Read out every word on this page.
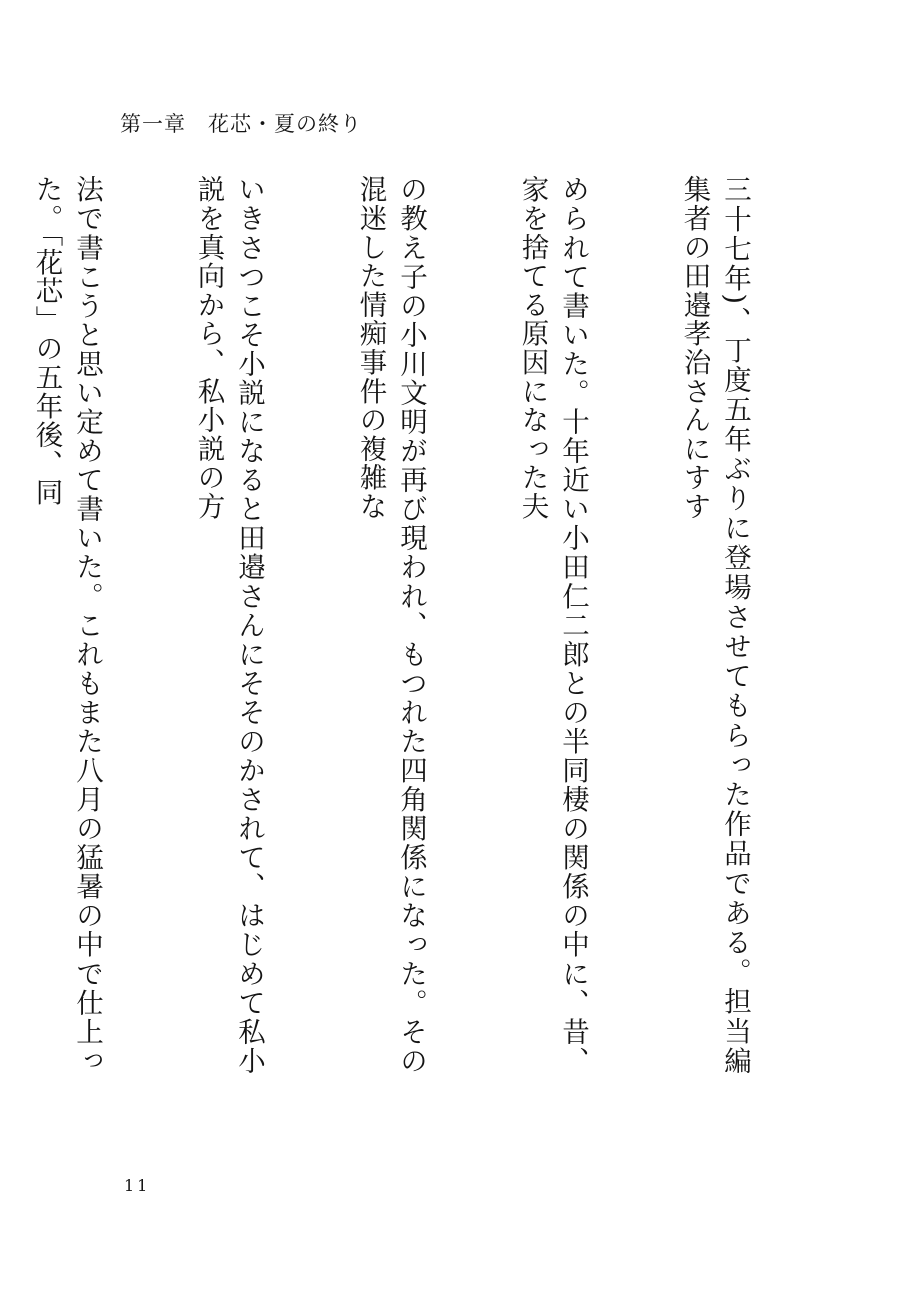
第一章 花芯・夏の終り

三十七年)、丁度五年ぶりに登場させてもらった作品である。担当編集者の田邉孝治さんにすす

められて書いた。十年近い小田仁二郎との半同棲の関係の中に、昔、家を捨てる原因になった夫

の教え子の小川文明が再び現われ、もつれた四角関係になった。その混迷した情痴事件の複雑な

いきさつこそ小説になると田邉さんにそそのかされて、はじめて私小説を真向から、私小説の方

法で書こうと思い定めて書いた。これもまた八月の猛暑の中で仕上った。「花芯」の五年後、同

11
